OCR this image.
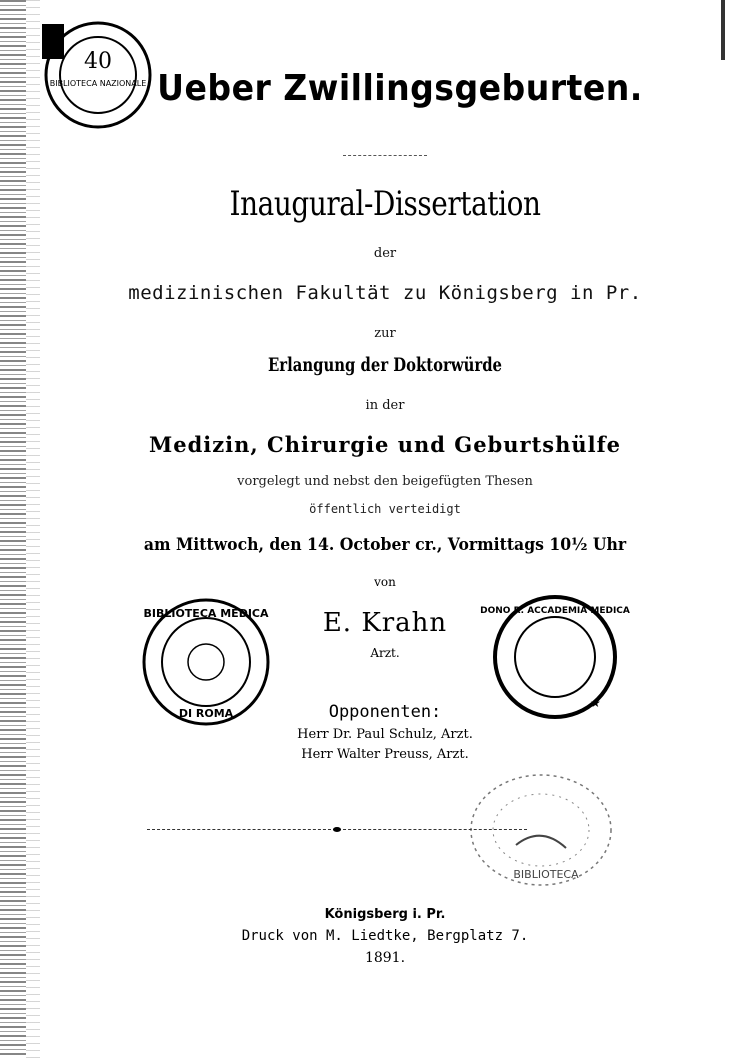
40
BIBLIOTECA NAZIONALE Ueber Zwillingsgeburten.
Inaugural-Dissertation
der
medizinischen Fakultät zu Königsberg in Pr.
zur
Erlangung der Doktorwürde
in der
Medizin, Chirurgie und Geburtshülfe
vorgelegt und nebst den beigefügten Thesen
öffentlich verteidigt
am Mittwoch, den 14. October cr., Vormittags 10½ Uhr
von
E. Krahn
Arzt.
BIBLIOTECA MEDICA
DI ROMA
DONO R. ACCADEMIA MEDICA
★
Opponenten:
Herr Dr. Paul Schulz, Arzt.
Herr Walter Preuss, Arzt.
BIBLIOTECA
Königsberg i. Pr.
Druck von M. Liedtke, Bergplatz 7.
1891.
